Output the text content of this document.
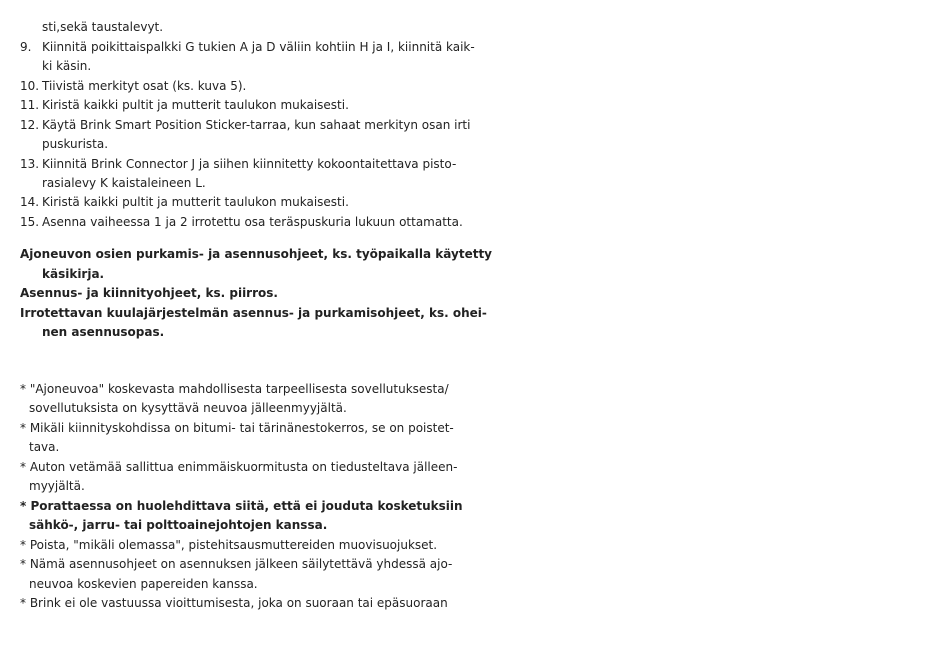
sti,sekä taustalevyt.
9. Kiinnitä poikittaispalkki G tukien A ja D väliin kohtiin H ja I, kiinnitä kaik-
ki käsin.
10. Tiivistä merkityt osat (ks. kuva 5).
11. Kiristä kaikki pultit ja mutterit taulukon mukaisesti.
12. Käytä Brink Smart Position Sticker-tarraa, kun sahaat merkityn osan irti
puskurista.
13. Kiinnitä Brink Connector J ja siihen kiinnitetty kokoontaitettava pisto-
rasialevy K kaistaleineen L.
14. Kiristä kaikki pultit ja mutterit taulukon mukaisesti.
15. Asenna vaiheessa 1 ja 2 irrotettu osa teräspuskuria lukuun ottamatta.
Ajoneuvon osien purkamis- ja asennusohjeet, ks. työpaikalla käytetty
käsikirja.
Asennus- ja kiinnityohjeet, ks. piirros.
Irrotettavan kuulajärjestelmän asennus- ja purkamisohjeet, ks. ohei-
nen asennusopas.
* "Ajoneuvoa" koskevasta mahdollisesta tarpeellisesta sovellutuksesta/
sovellutuksista on kysyttävä neuvoa jälleenmyyjältä.
* Mikäli kiinnityskohdissa on bitumi- tai tärinänestokerros, se on poistet-
tava.
* Auton vetämää sallittua enimmäiskuormitusta on tiedusteltava jälleen-
myyjältä.
* Porattaessa on huolehdittava siitä, että ei jouduta kosketuksiin
sähkö-, jarru- tai polttoainejohtojen kanssa.
* Poista, "mikäli olemassa", pistehitsausmuttereiden muovisuojukset.
* Nämä asennusohjeet on asennuksen jälkeen säilytettävä yhdessä ajo-
neuvoa koskevien papereiden kanssa.
* Brink ei ole vastuussa vioittumisesta, joka on suoraan tai epäsuoraan
